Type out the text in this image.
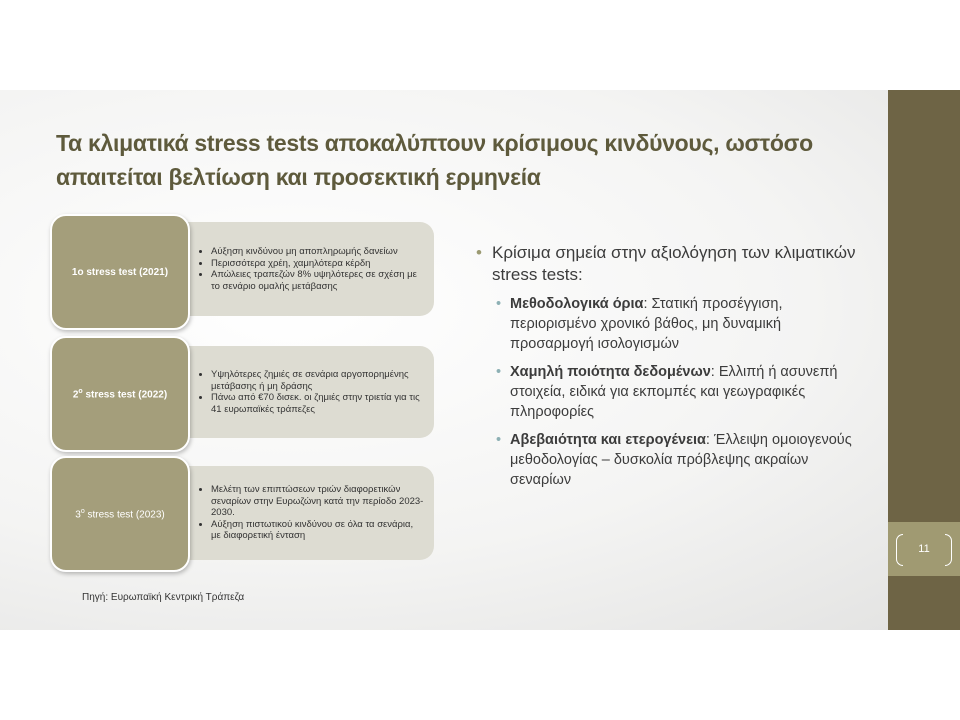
Τα κλιματικά stress tests αποκαλύπτουν κρίσιμους κινδύνους, ωστόσο απαιτείται βελτίωση και προσεκτική ερμηνεία
• Αύξηση κινδύνου μη αποπληρωμής δανείων
• Περισσότερα χρέη, χαμηλότερα κέρδη
• Απώλειες τραπεζών 8% υψηλότερες σε σχέση με το σενάριο ομαλής μετάβασης
1ο stress test (2021)
• Υψηλότερες ζημιές σε σενάρια αργοπορημένης μετάβασης ή μη δράσης
• Πάνω από €70 δισεκ. οι ζημιές στην τριετία για τις 41 ευρωπαϊκές τράπεζες
$2^o$ stress test (2022)
• Μελέτη των επιπτώσεων τριών διαφορετικών σεναρίων στην Ευρωζώνη κατά την περίοδο 2023-2030.
• Αύξηση πιστωτικού κινδύνου σε όλα τα σενάρια, με διαφορετική ένταση
$3^o$ stress test (2023)
• Κρίσιμα σημεία στην αξιολόγηση των κλιματικών stress tests:
• Μεθοδολογικά όρια: Στατική προσέγγιση, περιορισμένο χρονικό βάθος, μη δυναμική προσαρμογή ισολογισμών
• Χαμηλή ποιότητα δεδομένων: Ελλιπή ή ασυνεπή στοιχεία, ειδικά για εκπομπές και γεωγραφικές πληροφορίες
• Αβεβαιότητα και ετερογένεια: Έλλειψη ομοιογενούς μεθοδολογίας – δυσκολία πρόβλεψης ακραίων σεναρίων
Πηγή: Ευρωπαϊκή Κεντρική Τράπεζα
11
